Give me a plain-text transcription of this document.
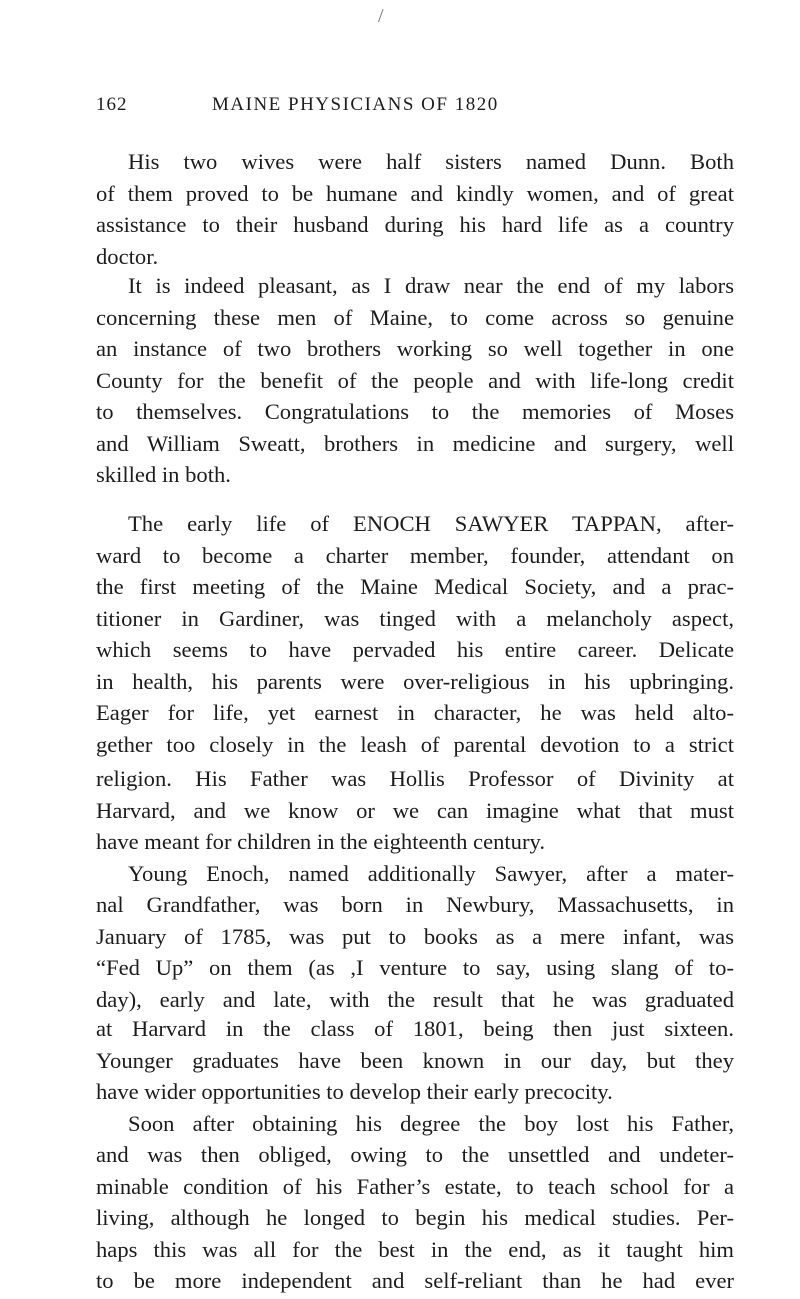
/
162	MAINE PHYSICIANS OF 1820
His two wives were half sisters named Dunn. Both
of them proved to be humane and kindly women, and of great
assistance to their husband during his hard life as a country
doctor.
It is indeed pleasant, as I draw near the end of my labors
concerning these men of Maine, to come across so genuine
an instance of two brothers working so well together in one
County for the benefit of the people and with life-long credit
to themselves. Congratulations to the memories of Moses
and William Sweatt, brothers in medicine and surgery, well
skilled in both.
The early life of ENOCH SAWYER TAPPAN, after-
ward to become a charter member, founder, attendant on
the first meeting of the Maine Medical Society, and a prac-
titioner in Gardiner, was tinged with a melancholy aspect,
which seems to have pervaded his entire career. Delicate
in health, his parents were over-religious in his upbringing.
Eager for life, yet earnest in character, he was held alto-
gether too closely in the leash of parental devotion to a strict
religion. His Father was Hollis Professor of Divinity at
Harvard, and we know or we can imagine what that must
have meant for children in the eighteenth century.
Young Enoch, named additionally Sawyer, after a mater-
nal Grandfather, was born in Newbury, Massachusetts, in
January of 1785, was put to books as a mere infant, was
“Fed Up” on them (as ,I venture to say, using slang of to-
day), early and late, with the result that he was graduated
at Harvard in the class of 1801, being then just sixteen.
Younger graduates have been known in our day, but they
have wider opportunities to develop their early precocity.
Soon after obtaining his degree the boy lost his Father,
and was then obliged, owing to the unsettled and undeter-
minable condition of his Father’s estate, to teach school for a
living, although he longed to begin his medical studies. Per-
haps this was all for the best in the end, as it taught him
to be more independent and self-reliant than he had ever
